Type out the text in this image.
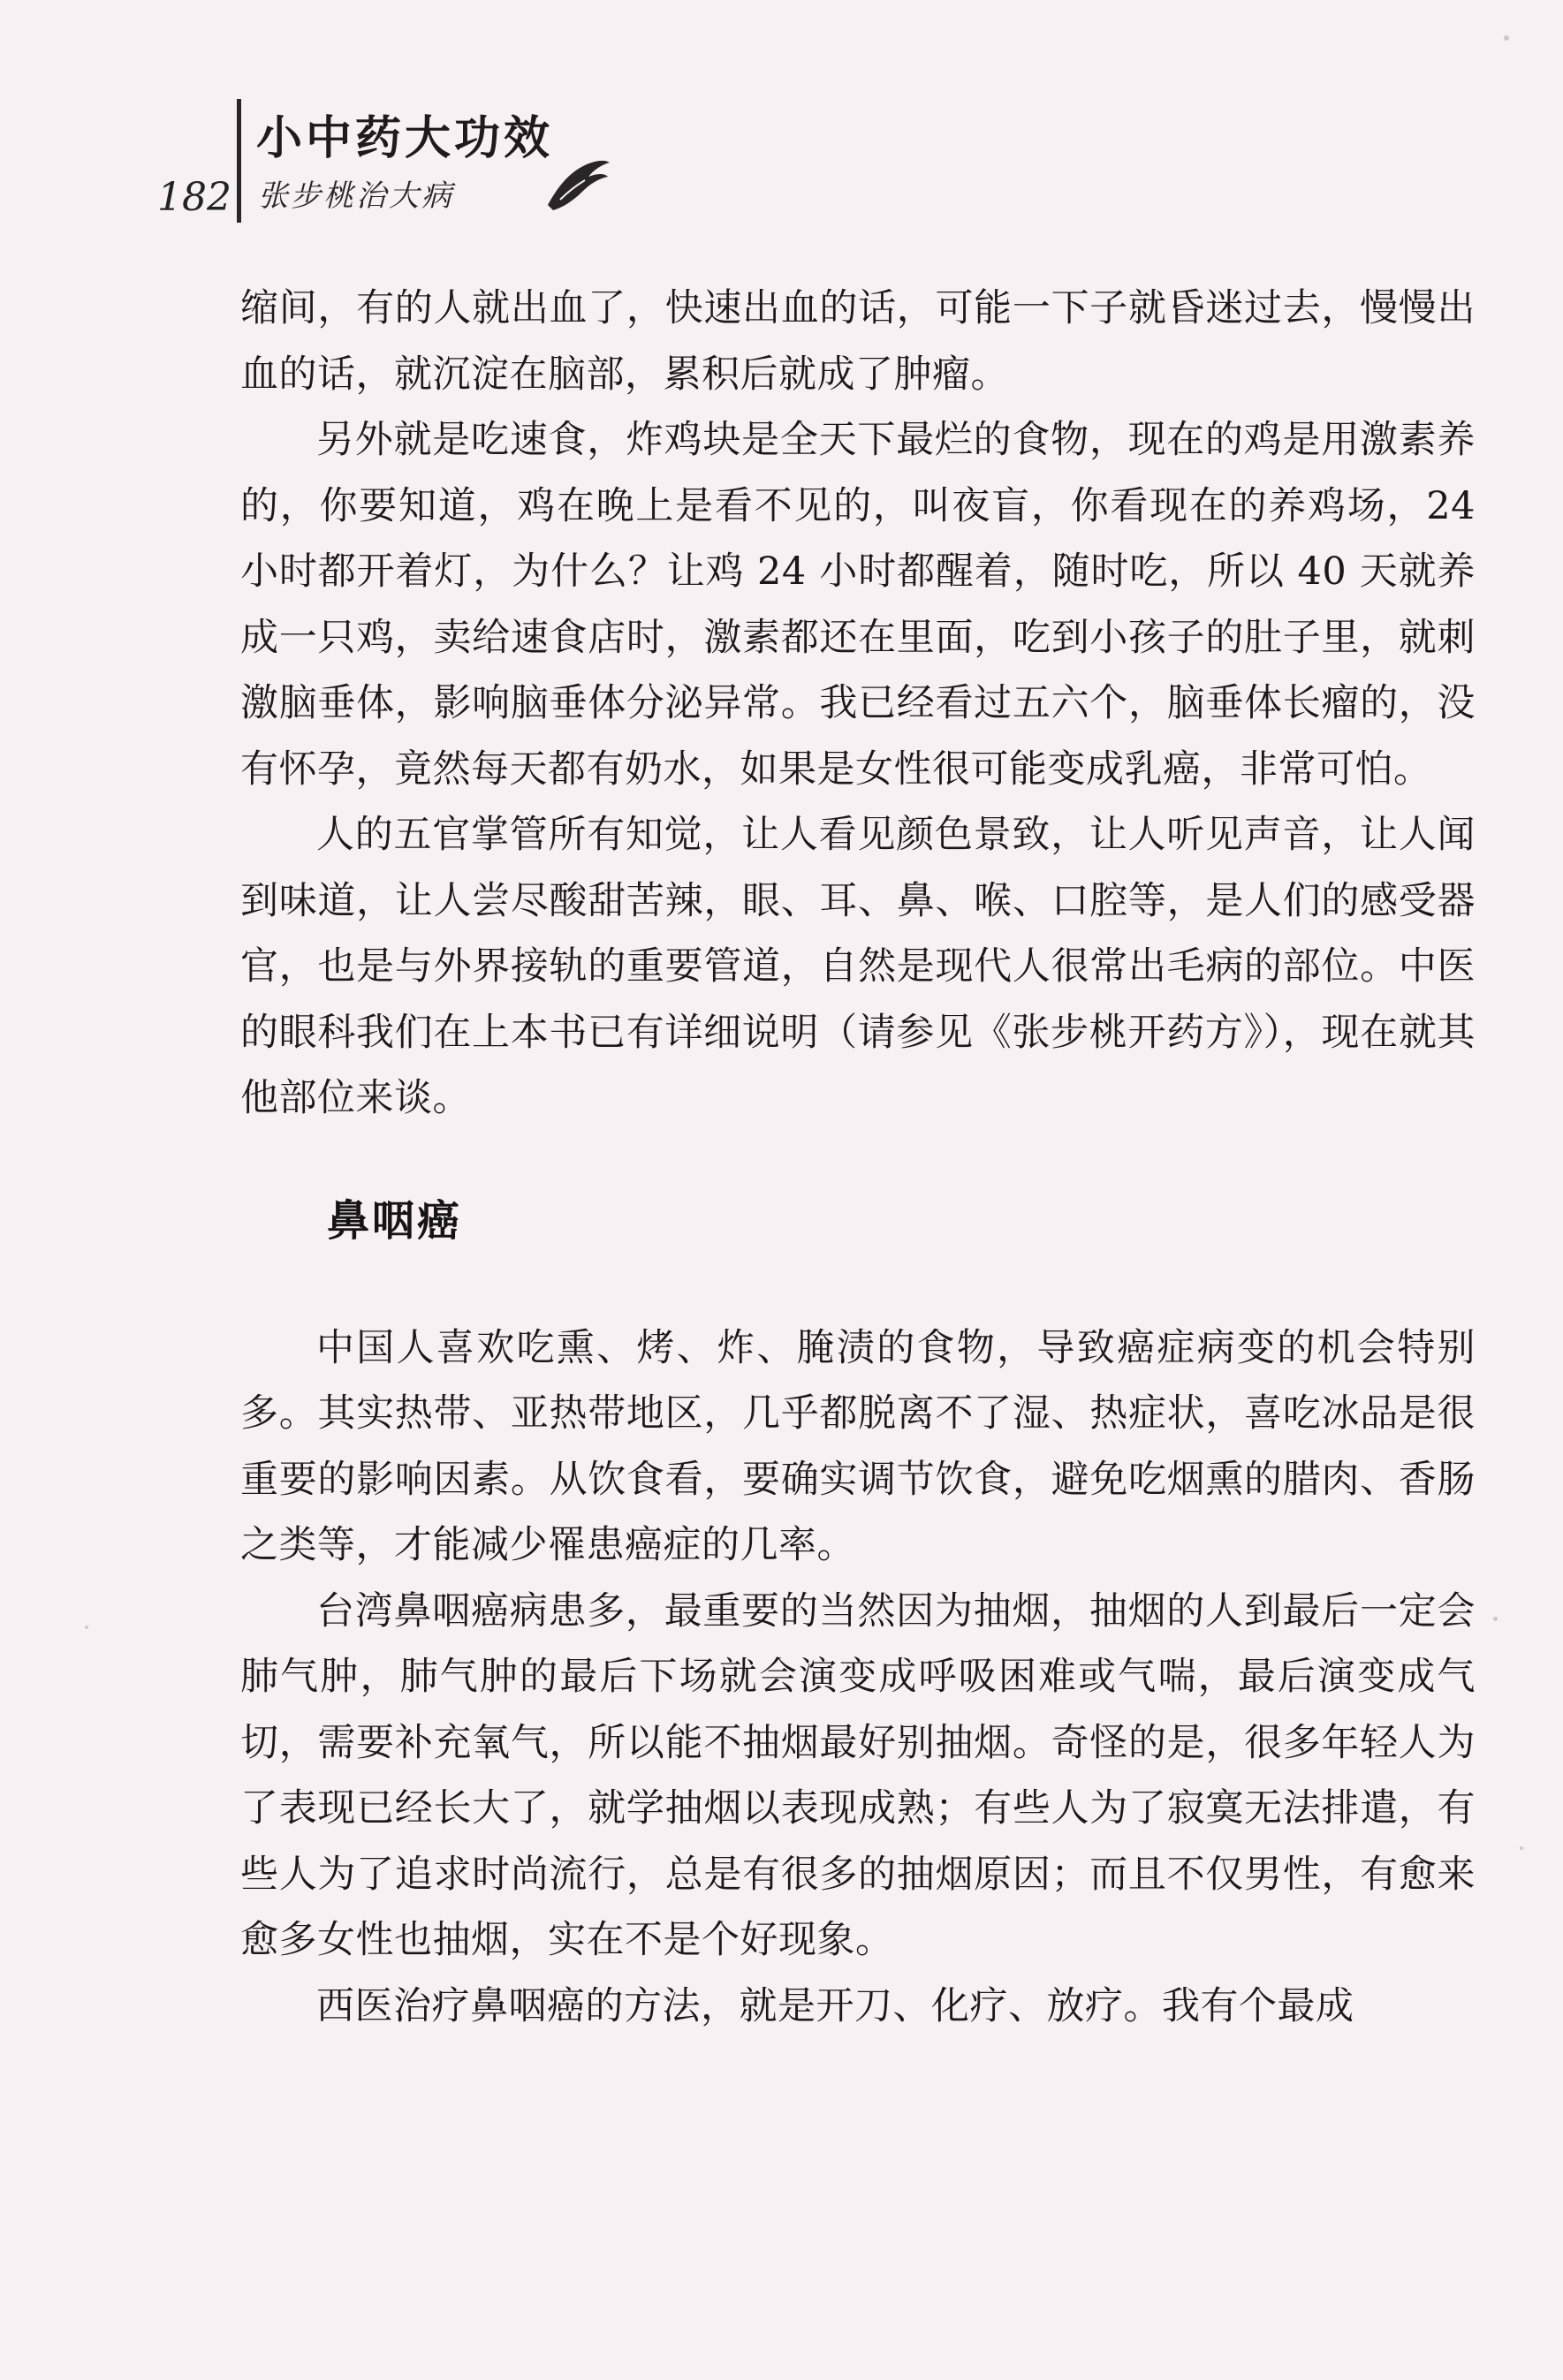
182
小中药大功效
张步桃治大病

缩间，有的人就出血了，快速出血的话，可能一下子就昏迷过去，慢慢出血的话，就沉淀在脑部，累积后就成了肿瘤。

另外就是吃速食，炸鸡块是全天下最烂的食物，现在的鸡是用激素养的，你要知道，鸡在晚上是看不见的，叫夜盲，你看现在的养鸡场，24 小时都开着灯，为什么？让鸡 24 小时都醒着，随时吃，所以 40 天就养成一只鸡，卖给速食店时，激素都还在里面，吃到小孩子的肚子里，就刺激脑垂体，影响脑垂体分泌异常。我已经看过五六个，脑垂体长瘤的，没有怀孕，竟然每天都有奶水，如果是女性很可能变成乳癌，非常可怕。

人的五官掌管所有知觉，让人看见颜色景致，让人听见声音，让人闻到味道，让人尝尽酸甜苦辣，眼、耳、鼻、喉、口腔等，是人们的感受器官，也是与外界接轨的重要管道，自然是现代人很常出毛病的部位。中医的眼科我们在上本书已有详细说明（请参见《张步桃开药方》），现在就其他部位来谈。

鼻咽癌

中国人喜欢吃熏、烤、炸、腌渍的食物，导致癌症病变的机会特别多。其实热带、亚热带地区，几乎都脱离不了湿、热症状，喜吃冰品是很重要的影响因素。从饮食看，要确实调节饮食，避免吃烟熏的腊肉、香肠之类等，才能减少罹患癌症的几率。

台湾鼻咽癌病患多，最重要的当然因为抽烟，抽烟的人到最后一定会肺气肿，肺气肿的最后下场就会演变成呼吸困难或气喘，最后演变成气切，需要补充氧气，所以能不抽烟最好别抽烟。奇怪的是，很多年轻人为了表现已经长大了，就学抽烟以表现成熟；有些人为了寂寞无法排遣，有些人为了追求时尚流行，总是有很多的抽烟原因；而且不仅男性，有愈来愈多女性也抽烟，实在不是个好现象。

西医治疗鼻咽癌的方法，就是开刀、化疗、放疗。我有个最成
